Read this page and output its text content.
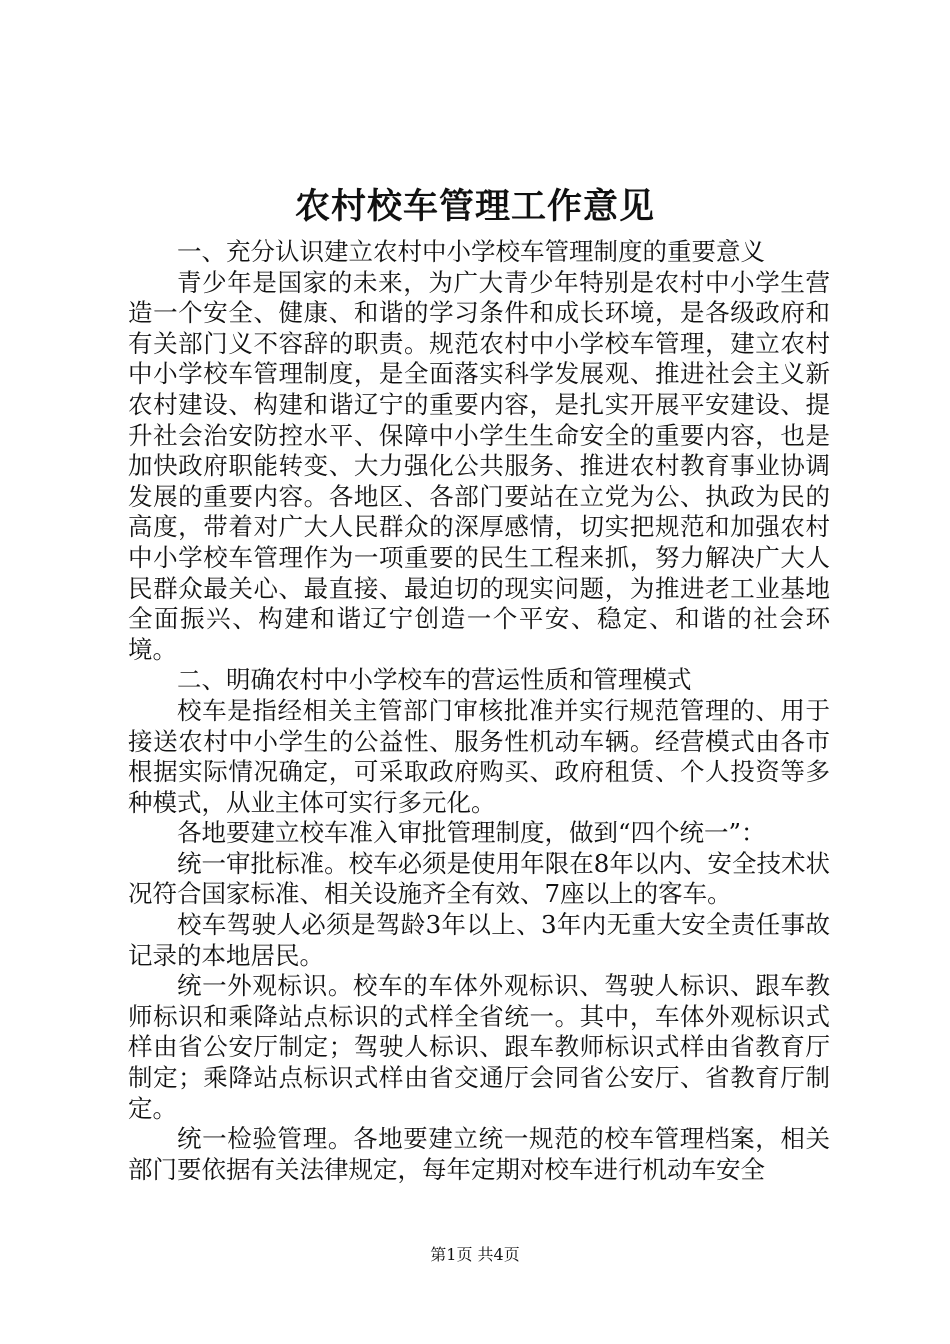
农村校车管理工作意见

一、充分认识建立农村中小学校车管理制度的重要意义

青少年是国家的未来，为广大青少年特别是农村中小学生营造一个安全、健康、和谐的学习条件和成长环境，是各级政府和有关部门义不容辞的职责。规范农村中小学校车管理，建立农村中小学校车管理制度，是全面落实科学发展观、推进社会主义新农村建设、构建和谐辽宁的重要内容，是扎实开展平安建设、提升社会治安防控水平、保障中小学生生命安全的重要内容，也是加快政府职能转变、大力强化公共服务、推进农村教育事业协调发展的重要内容。各地区、各部门要站在立党为公、执政为民的高度，带着对广大人民群众的深厚感情，切实把规范和加强农村中小学校车管理作为一项重要的民生工程来抓，努力解决广大人民群众最关心、最直接、最迫切的现实问题，为推进老工业基地全面振兴、构建和谐辽宁创造一个平安、稳定、和谐的社会环境。

二、明确农村中小学校车的营运性质和管理模式

校车是指经相关主管部门审核批准并实行规范管理的、用于接送农村中小学生的公益性、服务性机动车辆。经营模式由各市根据实际情况确定，可采取政府购买、政府租赁、个人投资等多种模式，从业主体可实行多元化。

各地要建立校车准入审批管理制度，做到“四个统一”：

统一审批标准。校车必须是使用年限在8年以内、安全技术状况符合国家标准、相关设施齐全有效、7座以上的客车。

校车驾驶人必须是驾龄3年以上、3年内无重大安全责任事故记录的本地居民。

统一外观标识。校车的车体外观标识、驾驶人标识、跟车教师标识和乘降站点标识的式样全省统一。其中，车体外观标识式样由省公安厅制定；驾驶人标识、跟车教师标识式样由省教育厅制定；乘降站点标识式样由省交通厅会同省公安厅、省教育厅制定。

统一检验管理。各地要建立统一规范的校车管理档案，相关部门要依据有关法律规定，每年定期对校车进行机动车安全

第1页 共4页
